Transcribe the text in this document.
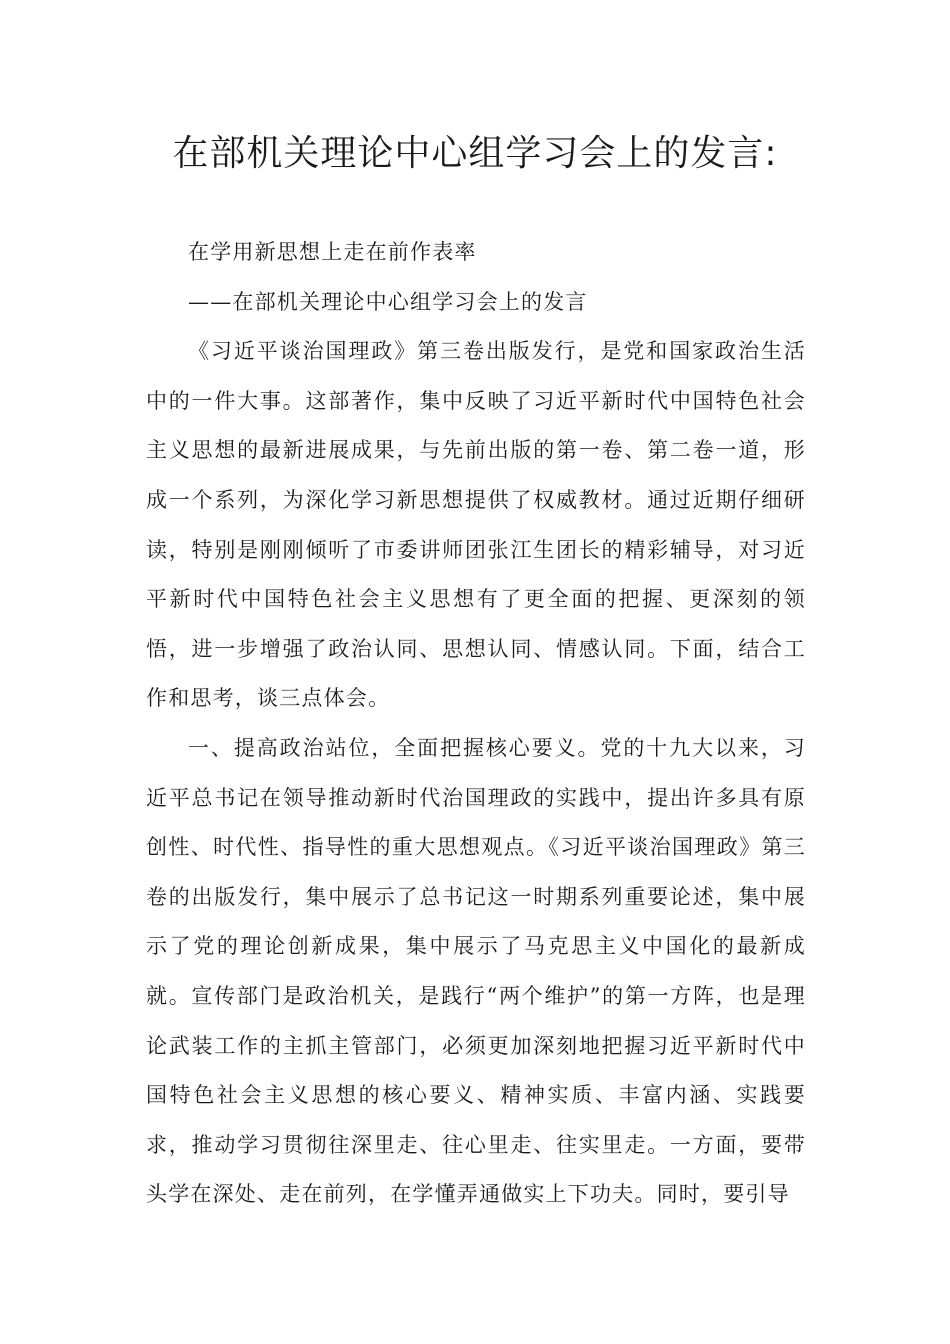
在部机关理论中心组学习会上的发言:

在学用新思想上走在前作表率

——在部机关理论中心组学习会上的发言

《习近平谈治国理政》第三卷出版发行，是党和国家政治生活中的一件大事。这部著作，集中反映了习近平新时代中国特色社会主义思想的最新进展成果，与先前出版的第一卷、第二卷一道，形成一个系列，为深化学习新思想提供了权威教材。通过近期仔细研读，特别是刚刚倾听了市委讲师团张江生团长的精彩辅导，对习近平新时代中国特色社会主义思想有了更全面的把握、更深刻的领悟，进一步增强了政治认同、思想认同、情感认同。下面，结合工作和思考，谈三点体会。

一、提高政治站位，全面把握核心要义。党的十九大以来，习近平总书记在领导推动新时代治国理政的实践中，提出许多具有原创性、时代性、指导性的重大思想观点。《习近平谈治国理政》第三卷的出版发行，集中展示了总书记这一时期系列重要论述，集中展示了党的理论创新成果，集中展示了马克思主义中国化的最新成就。宣传部门是政治机关，是践行“两个维护”的第一方阵，也是理论武装工作的主抓主管部门，必须更加深刻地把握习近平新时代中国特色社会主义思想的核心要义、精神实质、丰富内涵、实践要求，推动学习贯彻往深里走、往心里走、往实里走。一方面，要带头学在深处、走在前列，在学懂弄通做实上下功夫。同时，要引导
